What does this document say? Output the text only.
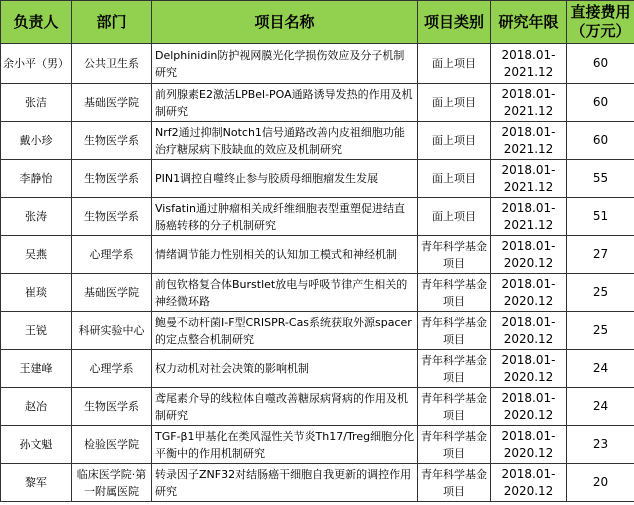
负责人	部门	项目名称	项目类别	研究年限	直接费用（万元）
余小平（男）	公共卫生系	Delphinidin防护视网膜光化学损伤效应及分子机制研究	面上项目	2018.01-2021.12	60
张洁	基础医学院	前列腺素E2激活LPBel-POA通路诱导发热的作用及机制研究	面上项目	2018.01-2021.12	60
戴小珍	生物医学系	Nrf2通过抑制Notch1信号通路改善内皮祖细胞功能治疗糖尿病下肢缺血的效应及机制研究	面上项目	2018.01-2021.12	60
李静怡	生物医学系	PIN1调控自噬终止参与胶质母细胞瘤发生发展	面上项目	2018.01-2021.12	55
张涛	生物医学系	Visfatin通过肿瘤相关成纤维细胞表型重塑促进结直肠癌转移的分子机制研究	面上项目	2018.01-2021.12	51
吴燕	心理学系	情绪调节能力性别相关的认知加工模式和神经机制	青年科学基金项目	2018.01-2020.12	27
崔琰	基础医学院	前包钦格复合体Burstlet放电与呼吸节律产生相关的神经微环路	青年科学基金项目	2018.01-2020.12	25
王锐	科研实验中心	鲍曼不动杆菌I-F型CRISPR-Cas系统获取外源spacer的定点整合机制研究	青年科学基金项目	2018.01-2020.12	25
王建峰	心理学系	权力动机对社会决策的影响机制	青年科学基金项目	2018.01-2020.12	24
赵冶	生物医学系	鸢尾素介导的线粒体自噬改善糖尿病肾病的作用及机制研究	青年科学基金项目	2018.01-2020.12	24
孙文魁	检验医学院	TGF-β1甲基化在类风湿性关节炎Th17/Treg细胞分化平衡中的作用机制研究	青年科学基金项目	2018.01-2020.12	23
黎军	临床医学院·第一附属医院	转录因子ZNF32对结肠癌干细胞自我更新的调控作用研究	青年科学基金项目	2018.01-2020.12	20
